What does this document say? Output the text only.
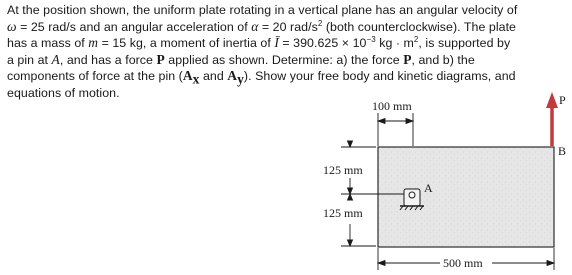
At the position shown, the uniform plate rotating in a vertical plane has an angular velocity of

ω = 25 rad/s and an angular acceleration of α = 20 rad/$s^2$ (both counterclockwise). The plate

has a mass of m = 15 kg, a moment of inertia of Ī = $390.625 \times 10^{-3}$ kg · $m^2$, is supported by

a pin at A, and has a force P applied as shown. Determine: a) the force P, and b) the

components of force at the pin ($A_x$ and $A_y$). Show your free body and kinetic diagrams, and

equations of motion.

100 mm
125 mm
125 mm
A
B
P
500 mm
